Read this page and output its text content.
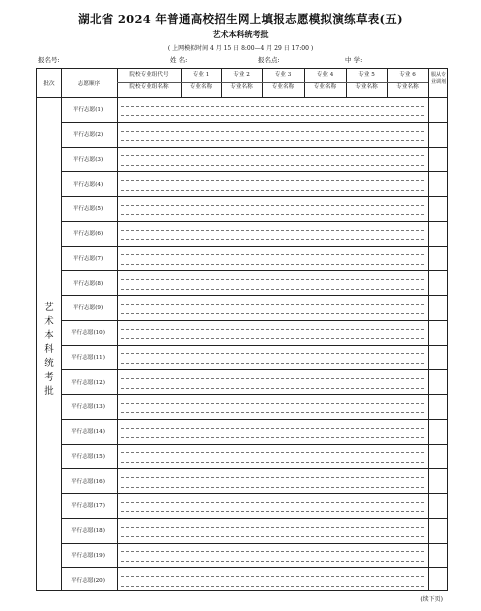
湖北省 2024 年普通高校招生网上填报志愿模拟演练草表(五)
艺术本科统考批
( 上网模拟时间 4 月 15 日 8:00—4 月 29 日 17:00 )
报名号:	姓 名:	报名点:	中 学:
批次	志愿顺序
院校专业组代号
院校专业组名称
专业 1	专业 2	专业 3	专业 4	专业 5	专业 6
专业名称	专业名称	专业名称	专业名称	专业名称	专业名称
服从专业调剂
艺
术
本
科
统
考
批
平行志愿(1)
平行志愿(2)
平行志愿(3)
平行志愿(4)
平行志愿(5)
平行志愿(6)
平行志愿(7)
平行志愿(8)
平行志愿(9)
平行志愿(10)
平行志愿(11)
平行志愿(12)
平行志愿(13)
平行志愿(14)
平行志愿(15)
平行志愿(16)
平行志愿(17)
平行志愿(18)
平行志愿(19)
平行志愿(20)
(续下页)
